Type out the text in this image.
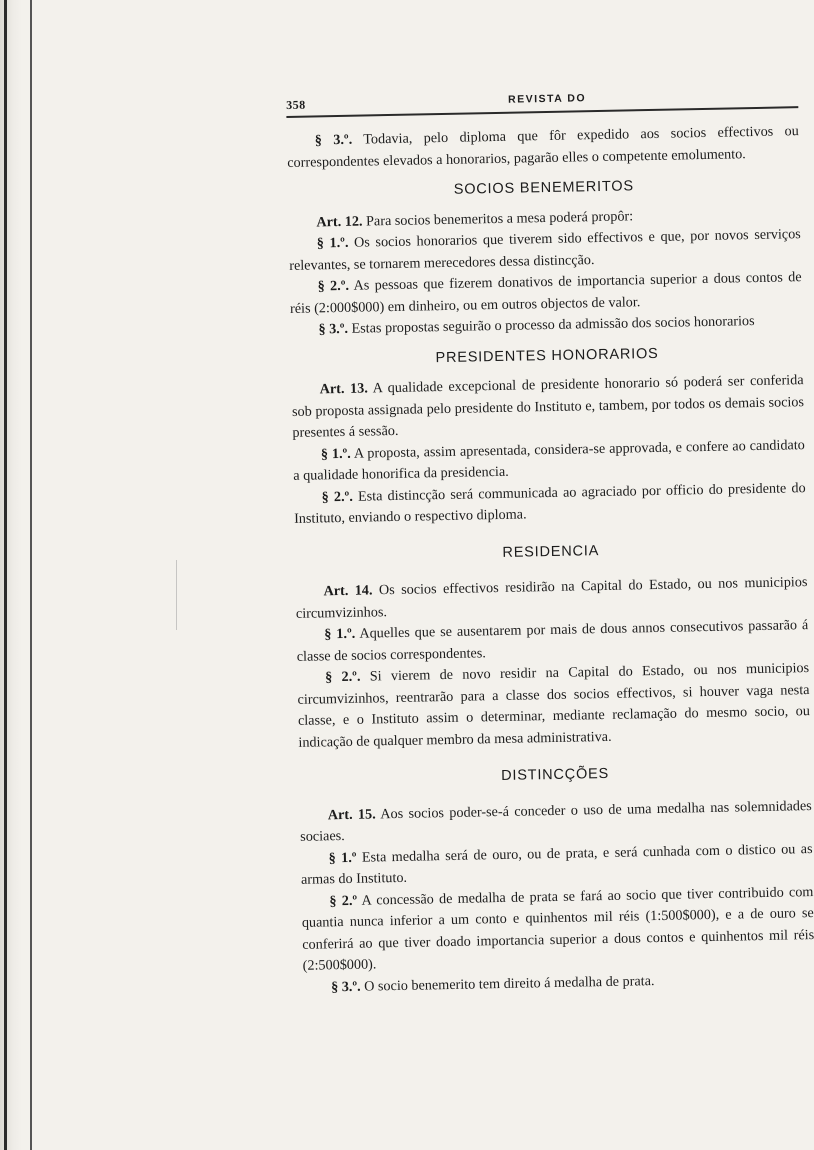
358	REVISTA DO

§ 3.º. Todavia, pelo diploma que fôr expedido aos socios effectivos ou correspondentes elevados a honorarios, pagarão elles o competente emolumento.

SOCIOS BENEMERITOS

Art. 12. Para socios benemeritos a mesa poderá propôr:

§ 1.º. Os socios honorarios que tiverem sido effectivos e que, por novos serviços relevantes, se tornarem merecedores dessa distincção.

§ 2.º. As pessoas que fizerem donativos de importancia superior a dous contos de réis (2:000$000) em dinheiro, ou em outros objectos de valor.

§ 3.º. Estas propostas seguirão o processo da admissão dos socios honorarios

PRESIDENTES HONORARIOS

Art. 13. A qualidade excepcional de presidente honorario só poderá ser conferida sob proposta assignada pelo presidente do Instituto e, tambem, por todos os demais socios presentes á sessão.

§ 1.º. A proposta, assim apresentada, considera-se approvada, e confere ao candidato a qualidade honorifica da presidencia.

§ 2.º. Esta distincção será communicada ao agraciado por officio do presidente do Instituto, enviando o respectivo diploma.

RESIDENCIA

Art. 14. Os socios effectivos residirão na Capital do Estado, ou nos municipios circumvizinhos.

§ 1.º. Aquelles que se ausentarem por mais de dous annos consecutivos passarão á classe de socios correspondentes.

§ 2.º. Si vierem de novo residir na Capital do Estado, ou nos municipios circumvizinhos, reentrarão para a classe dos socios effectivos, si houver vaga nesta classe, e o Instituto assim o determinar, mediante reclamação do mesmo socio, ou indicação de qualquer membro da mesa administrativa.

DISTINCÇÕES

Art. 15. Aos socios poder-se-á conceder o uso de uma medalha nas solemnidades sociaes.

§ 1.º Esta medalha será de ouro, ou de prata, e será cunhada com o distico ou as armas do Instituto.

§ 2.º A concessão de medalha de prata se fará ao socio que tiver contribuido com quantia nunca inferior a um conto e quinhentos mil réis (1:500$000), e a de ouro se conferirá ao que tiver doado importancia superior a dous contos e quinhentos mil réis (2:500$000).

§ 3.º. O socio benemerito tem direito á medalha de prata.
